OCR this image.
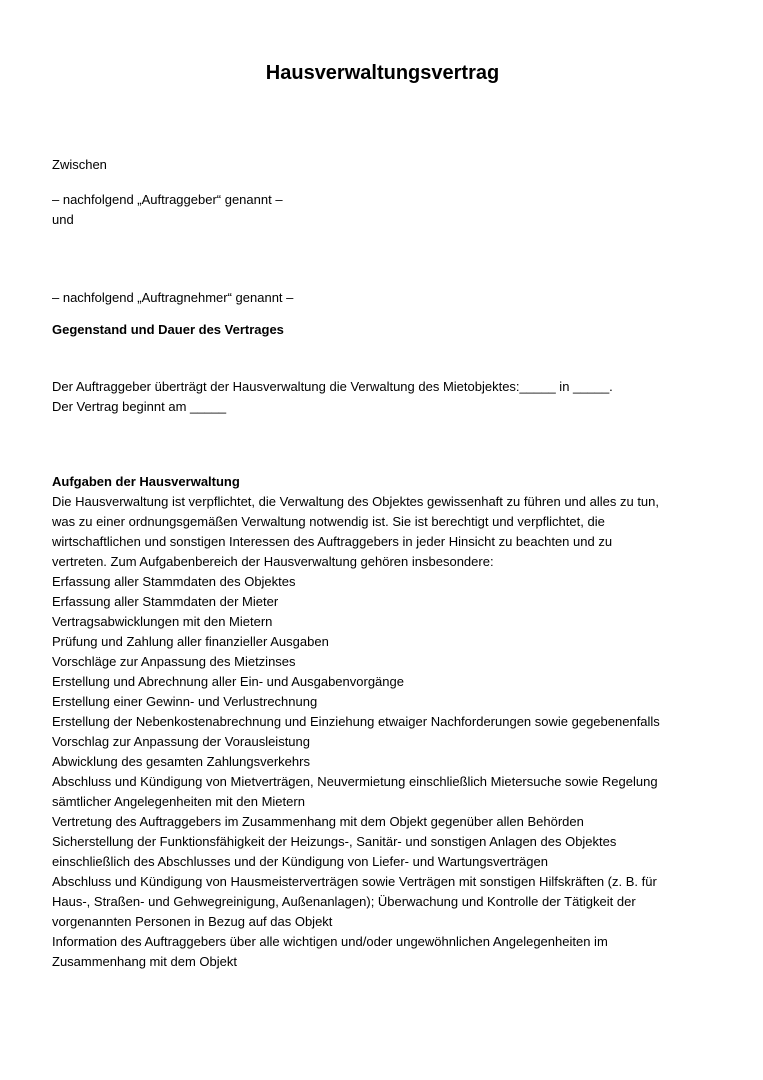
Hausverwaltungsvertrag
Zwischen
– nachfolgend „Auftraggeber“ genannt –
und
– nachfolgend „Auftragnehmer“ genannt –
Gegenstand und Dauer des Vertrages
Der Auftraggeber überträgt der Hausverwaltung die Verwaltung des Mietobjektes:_____ in _____.
Der Vertrag beginnt am _____
Aufgaben der Hausverwaltung
Die Hausverwaltung ist verpflichtet, die Verwaltung des Objektes gewissenhaft zu führen und alles zu tun,
was zu einer ordnungsgemäßen Verwaltung notwendig ist. Sie ist berechtigt und verpflichtet, die
wirtschaftlichen und sonstigen Interessen des Auftraggebers in jeder Hinsicht zu beachten und zu
vertreten. Zum Aufgabenbereich der Hausverwaltung gehören insbesondere:
Erfassung aller Stammdaten des Objektes
Erfassung aller Stammdaten der Mieter
Vertragsabwicklungen mit den Mietern
Prüfung und Zahlung aller finanzieller Ausgaben
Vorschläge zur Anpassung des Mietzinses
Erstellung und Abrechnung aller Ein- und Ausgabenvorgänge
Erstellung einer Gewinn- und Verlustrechnung
Erstellung der Nebenkostenabrechnung und Einziehung etwaiger Nachforderungen sowie gegebenenfalls
Vorschlag zur Anpassung der Vorausleistung
Abwicklung des gesamten Zahlungsverkehrs
Abschluss und Kündigung von Mietverträgen, Neuvermietung einschließlich Mietersuche sowie Regelung
sämtlicher Angelegenheiten mit den Mietern
Vertretung des Auftraggebers im Zusammenhang mit dem Objekt gegenüber allen Behörden
Sicherstellung der Funktionsfähigkeit der Heizungs-, Sanitär- und sonstigen Anlagen des Objektes
einschließlich des Abschlusses und der Kündigung von Liefer- und Wartungsverträgen
Abschluss und Kündigung von Hausmeisterverträgen sowie Verträgen mit sonstigen Hilfskräften (z. B. für
Haus-, Straßen- und Gehwegreinigung, Außenanlagen); Überwachung und Kontrolle der Tätigkeit der
vorgenannten Personen in Bezug auf das Objekt
Information des Auftraggebers über alle wichtigen und/oder ungewöhnlichen Angelegenheiten im
Zusammenhang mit dem Objekt
